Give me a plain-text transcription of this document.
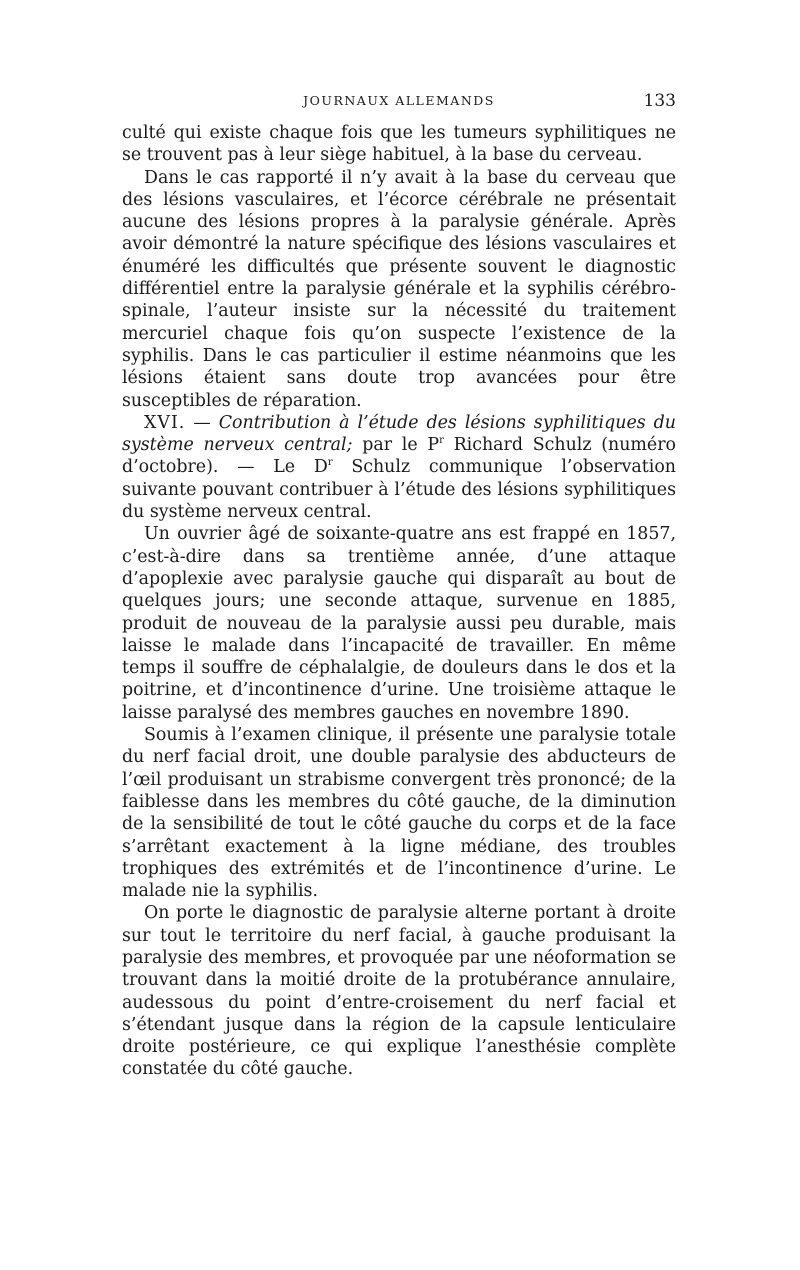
JOURNAUX ALLEMANDS	133

culté qui existe chaque fois que les tumeurs syphilitiques ne se trouvent pas à leur siège habituel, à la base du cerveau.

Dans le cas rapporté il n’y avait à la base du cerveau que des lésions vasculaires, et l’écorce cérébrale ne présentait aucune des lésions propres à la paralysie générale. Après avoir démontré la nature spécifique des lésions vasculaires et énuméré les difficultés que présente souvent le diagnostic différentiel entre la paralysie générale et la syphilis cérébro-spinale, l’auteur insiste sur la nécessité du traitement mercuriel chaque fois qu’on suspecte l’existence de la syphilis. Dans le cas particulier il estime néanmoins que les lésions étaient sans doute trop avancées pour être susceptibles de réparation.

XVI. — Contribution à l’étude des lésions syphilitiques du système nerveux central; par le $P^r$ Richard Schulz (numéro d’octobre). — Le $D^r$ Schulz communique l’observation suivante pouvant contribuer à l’étude des lésions syphilitiques du système nerveux central.

Un ouvrier âgé de soixante-quatre ans est frappé en 1857, c’est-à-dire dans sa trentième année, d’une attaque d’apoplexie avec paralysie gauche qui disparaît au bout de quelques jours; une seconde attaque, survenue en 1885, produit de nouveau de la paralysie aussi peu durable, mais laisse le malade dans l’incapacité de travailler. En même temps il souffre de céphalalgie, de douleurs dans le dos et la poitrine, et d’incontinence d’urine. Une troisième attaque le laisse paralysé des membres gauches en novembre 1890.

Soumis à l’examen clinique, il présente une paralysie totale du nerf facial droit, une double paralysie des abducteurs de l’œil produisant un strabisme convergent très prononcé; de la faiblesse dans les membres du côté gauche, de la diminution de la sensibilité de tout le côté gauche du corps et de la face s’arrêtant exactement à la ligne médiane, des troubles trophiques des extrémités et de l’incontinence d’urine. Le malade nie la syphilis.

On porte le diagnostic de paralysie alterne portant à droite sur tout le territoire du nerf facial, à gauche produisant la paralysie des membres, et provoquée par une néoformation se trouvant dans la moitié droite de la protubérance annulaire, audessous du point d’entre-croisement du nerf facial et s’étendant jusque dans la région de la capsule lenticulaire droite postérieure, ce qui explique l’anesthésie complète constatée du côté gauche.
